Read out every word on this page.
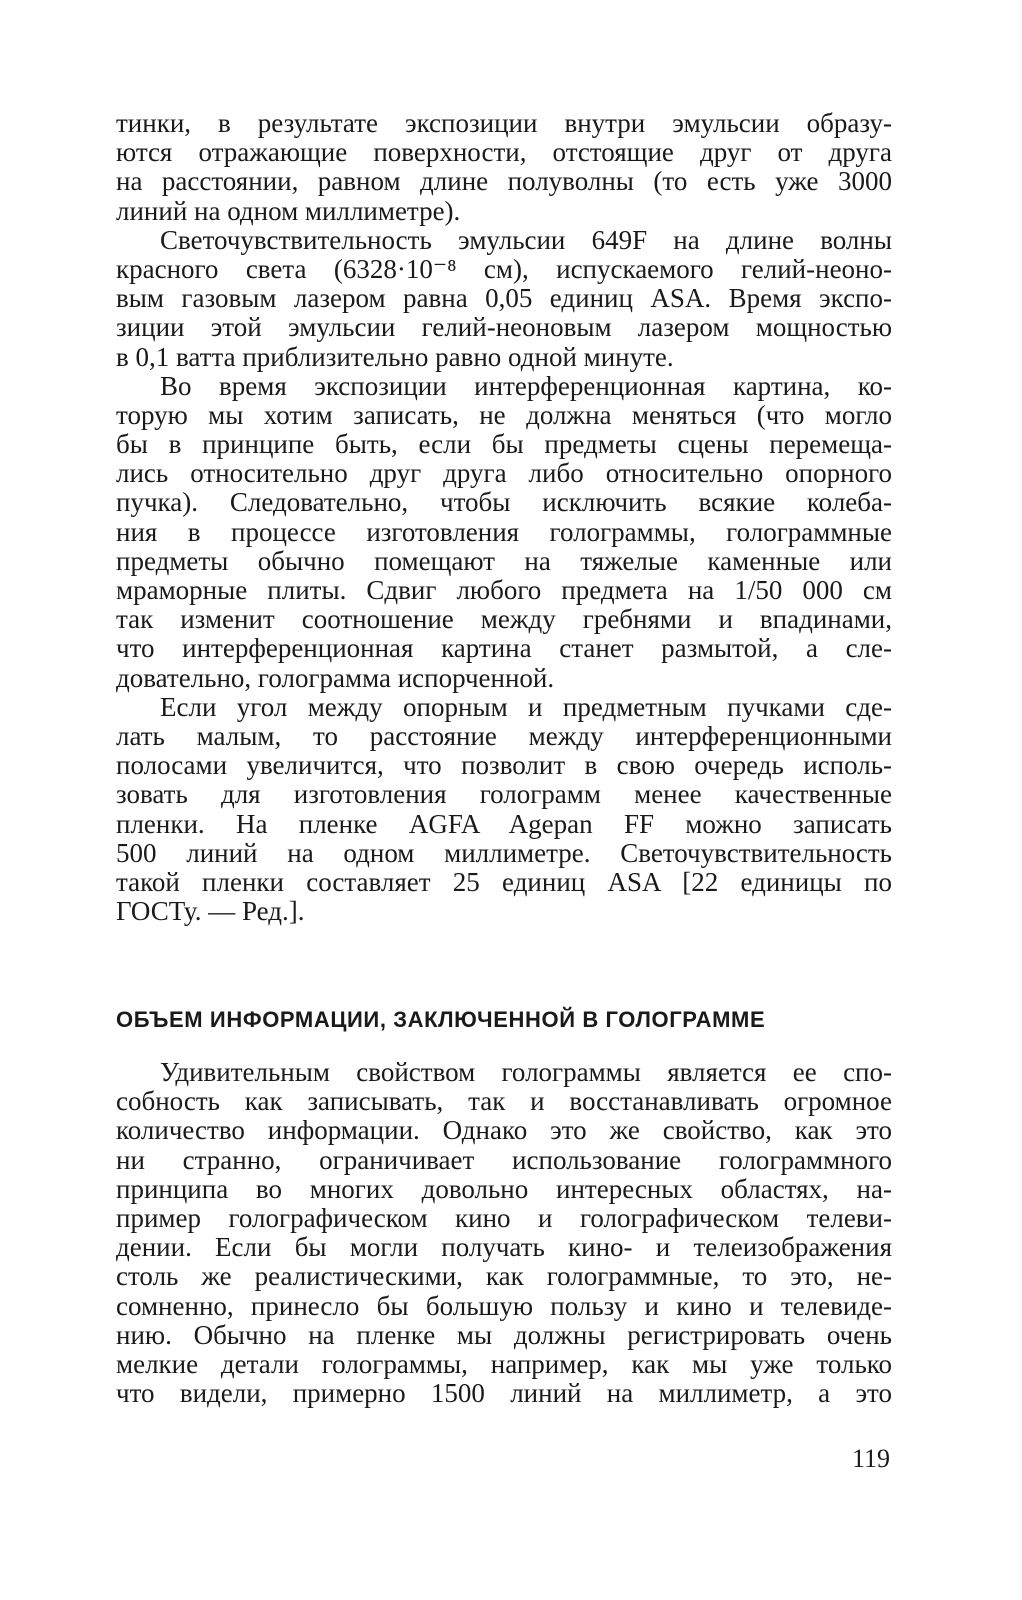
тинки, в результате экспозиции внутри эмульсии образу-
ются отражающие поверхности, отстоящие друг от друга
на расстоянии, равном длине полуволны (то есть уже 3000
линий на одном миллиметре).
Светочувствительность эмульсии 649F на длине волны
красного света (6328·10⁻⁸ см), испускаемого гелий-неоно-
вым газовым лазером равна 0,05 единиц ASA. Время экспо-
зиции этой эмульсии гелий-неоновым лазером мощностью
в 0,1 ватта приблизительно равно одной минуте.
Во время экспозиции интерференционная картина, ко-
торую мы хотим записать, не должна меняться (что могло
бы в принципе быть, если бы предметы сцены перемеща-
лись относительно друг друга либо относительно опорного
пучка). Следовательно, чтобы исключить всякие колеба-
ния в процессе изготовления голограммы, голограммные
предметы обычно помещают на тяжелые каменные или
мраморные плиты. Сдвиг любого предмета на 1/50 000 см
так изменит соотношение между гребнями и впадинами,
что интерференционная картина станет размытой, а сле-
довательно, голограмма испорченной.
Если угол между опорным и предметным пучками сде-
лать малым, то расстояние между интерференционными
полосами увеличится, что позволит в свою очередь исполь-
зовать для изготовления голограмм менее качественные
пленки. На пленке AGFA Agepan FF можно записать
500 линий на одном миллиметре. Светочувствительность
такой пленки составляет 25 единиц ASA [22 единицы по
ГОСТу. — Ред.].
ОБЪЕМ ИНФОРМАЦИИ, ЗАКЛЮЧЕННОЙ В ГОЛОГРАММЕ
Удивительным свойством голограммы является ее спо-
собность как записывать, так и восстанавливать огромное
количество информации. Однако это же свойство, как это
ни странно, ограничивает использование голограммного
принципа во многих довольно интересных областях, на-
пример голографическом кино и голографическом телеви-
дении. Если бы могли получать кино- и телеизображения
столь же реалистическими, как голограммные, то это, не-
сомненно, принесло бы большую пользу и кино и телевиде-
нию. Обычно на пленке мы должны регистрировать очень
мелкие детали голограммы, например, как мы уже только
что видели, примерно 1500 линий на миллиметр, а это
119
